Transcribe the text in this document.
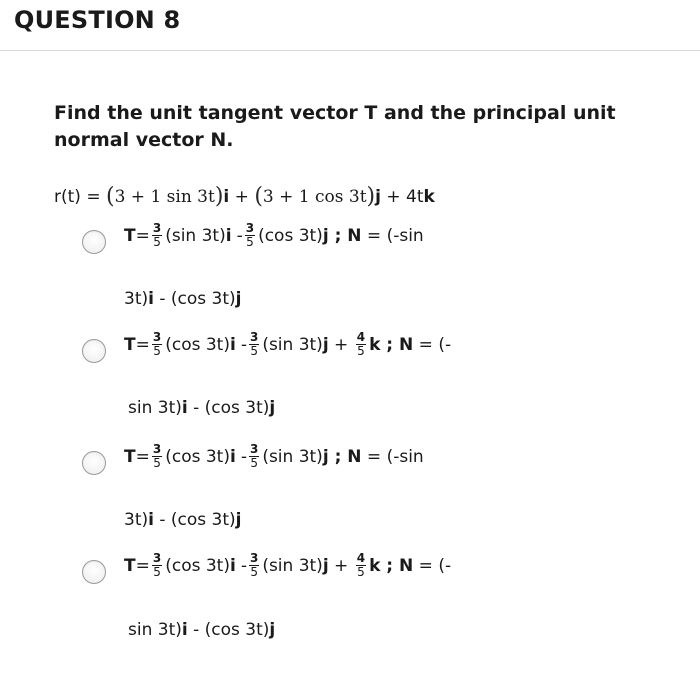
QUESTION 8
Find the unit tangent vector T and the principal unit
normal vector N.
r(t) = (3 + 1 sin 3t)i + (3 + 1 cos 3t)j + 4tk
$T = \frac{3}{5} (\sin$ 3t) i - $\frac{3}{5} (\cos$ 3t) j ; N = (-sin
3t)i - (cos 3t)j
$T = \frac{3}{5} (\cos$ 3t) i - $\frac{3}{5} (\sin$ 3t) $j + \frac{4}{5}$ k ; N = (-
sin 3t)i - (cos 3t)j
$T = \frac{3}{5} (\cos$ 3t) i - $\frac{3}{5} (\sin$ 3t) j ; N = (-sin
3t)i - (cos 3t)j
$T = \frac{3}{5} (\cos$ 3t) i - $\frac{3}{5} (\sin$ 3t) $j + \frac{4}{5}$ k ; N = (-
sin 3t)i - (cos 3t)j
